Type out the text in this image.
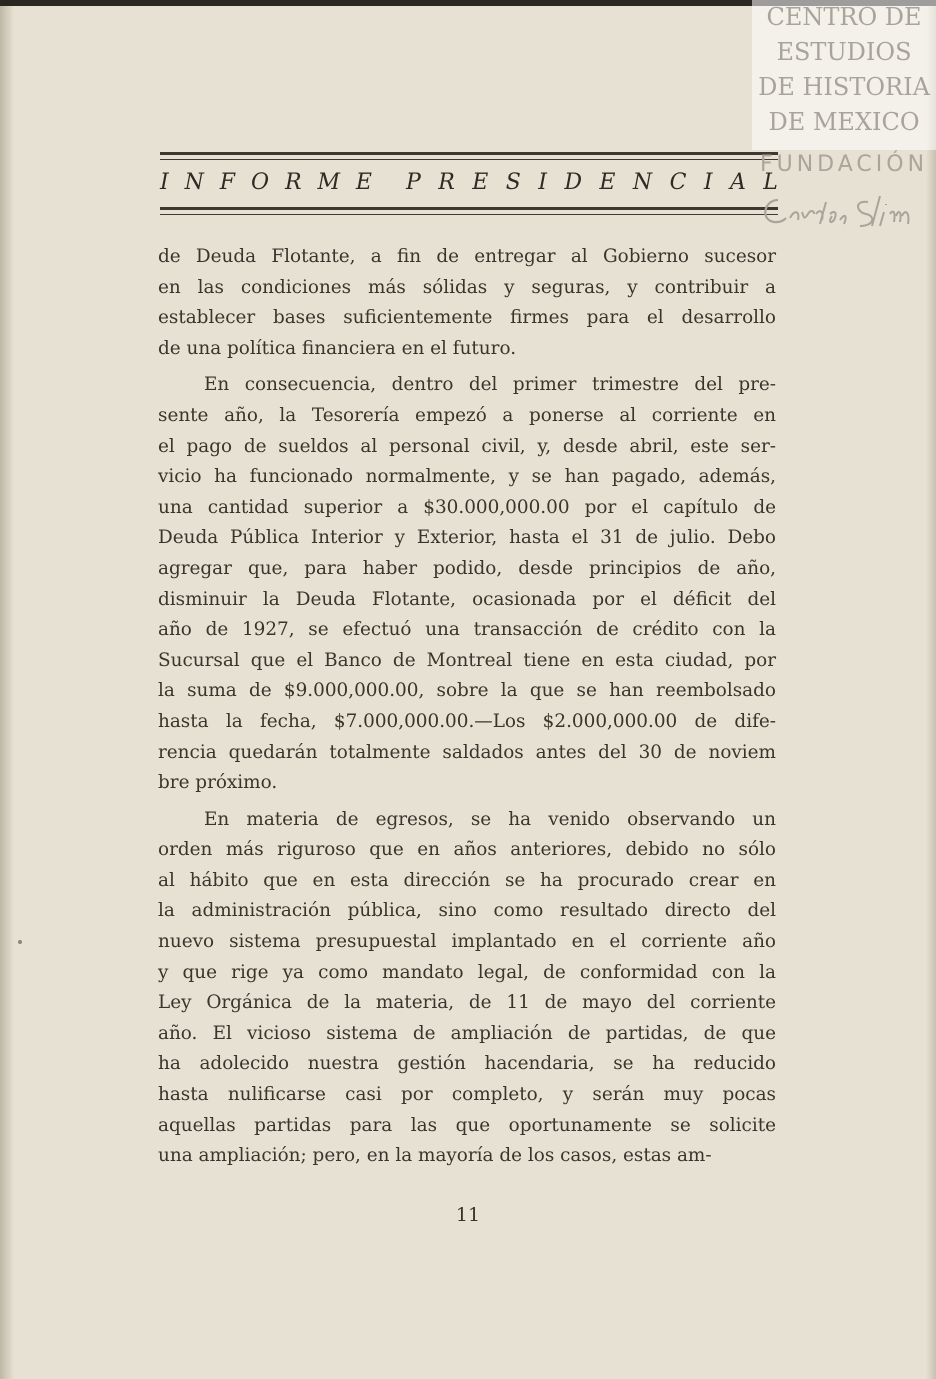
I N F O R M E P R E S I D E N C I A L
de Deuda Flotante, a fin de entregar al Gobierno sucesor
en las condiciones más sólidas y seguras, y contribuir a
establecer bases suficientemente firmes para el desarrollo
de una política financiera en el futuro.
En consecuencia, dentro del primer trimestre del pre-
sente año, la Tesorería empezó a ponerse al corriente en
el pago de sueldos al personal civil, y, desde abril, este ser-
vicio ha funcionado normalmente, y se han pagado, además,
una cantidad superior a $30.000,000.00 por el capítulo de
Deuda Pública Interior y Exterior, hasta el 31 de julio. Debo
agregar que, para haber podido, desde principios de año,
disminuir la Deuda Flotante, ocasionada por el déficit del
año de 1927, se efectuó una transacción de crédito con la
Sucursal que el Banco de Montreal tiene en esta ciudad, por
la suma de $9.000,000.00, sobre la que se han reembolsado
hasta la fecha, $7.000,000.00.—Los $2.000,000.00 de dife-
rencia quedarán totalmente saldados antes del 30 de noviem
bre próximo.
En materia de egresos, se ha venido observando un
orden más riguroso que en años anteriores, debido no sólo
al hábito que en esta dirección se ha procurado crear en
la administración pública, sino como resultado directo del
nuevo sistema presupuestal implantado en el corriente año
y que rige ya como mandato legal, de conformidad con la
Ley Orgánica de la materia, de 11 de mayo del corriente
año. El vicioso sistema de ampliación de partidas, de que
ha adolecido nuestra gestión hacendaria, se ha reducido
hasta nulificarse casi por completo, y serán muy pocas
aquellas partidas para las que oportunamente se solicite
una ampliación; pero, en la mayoría de los casos, estas am-
11
CENTRO DE
ESTUDIOS
DE HISTORIA
DE MEXICO
FUNDACIÓN
